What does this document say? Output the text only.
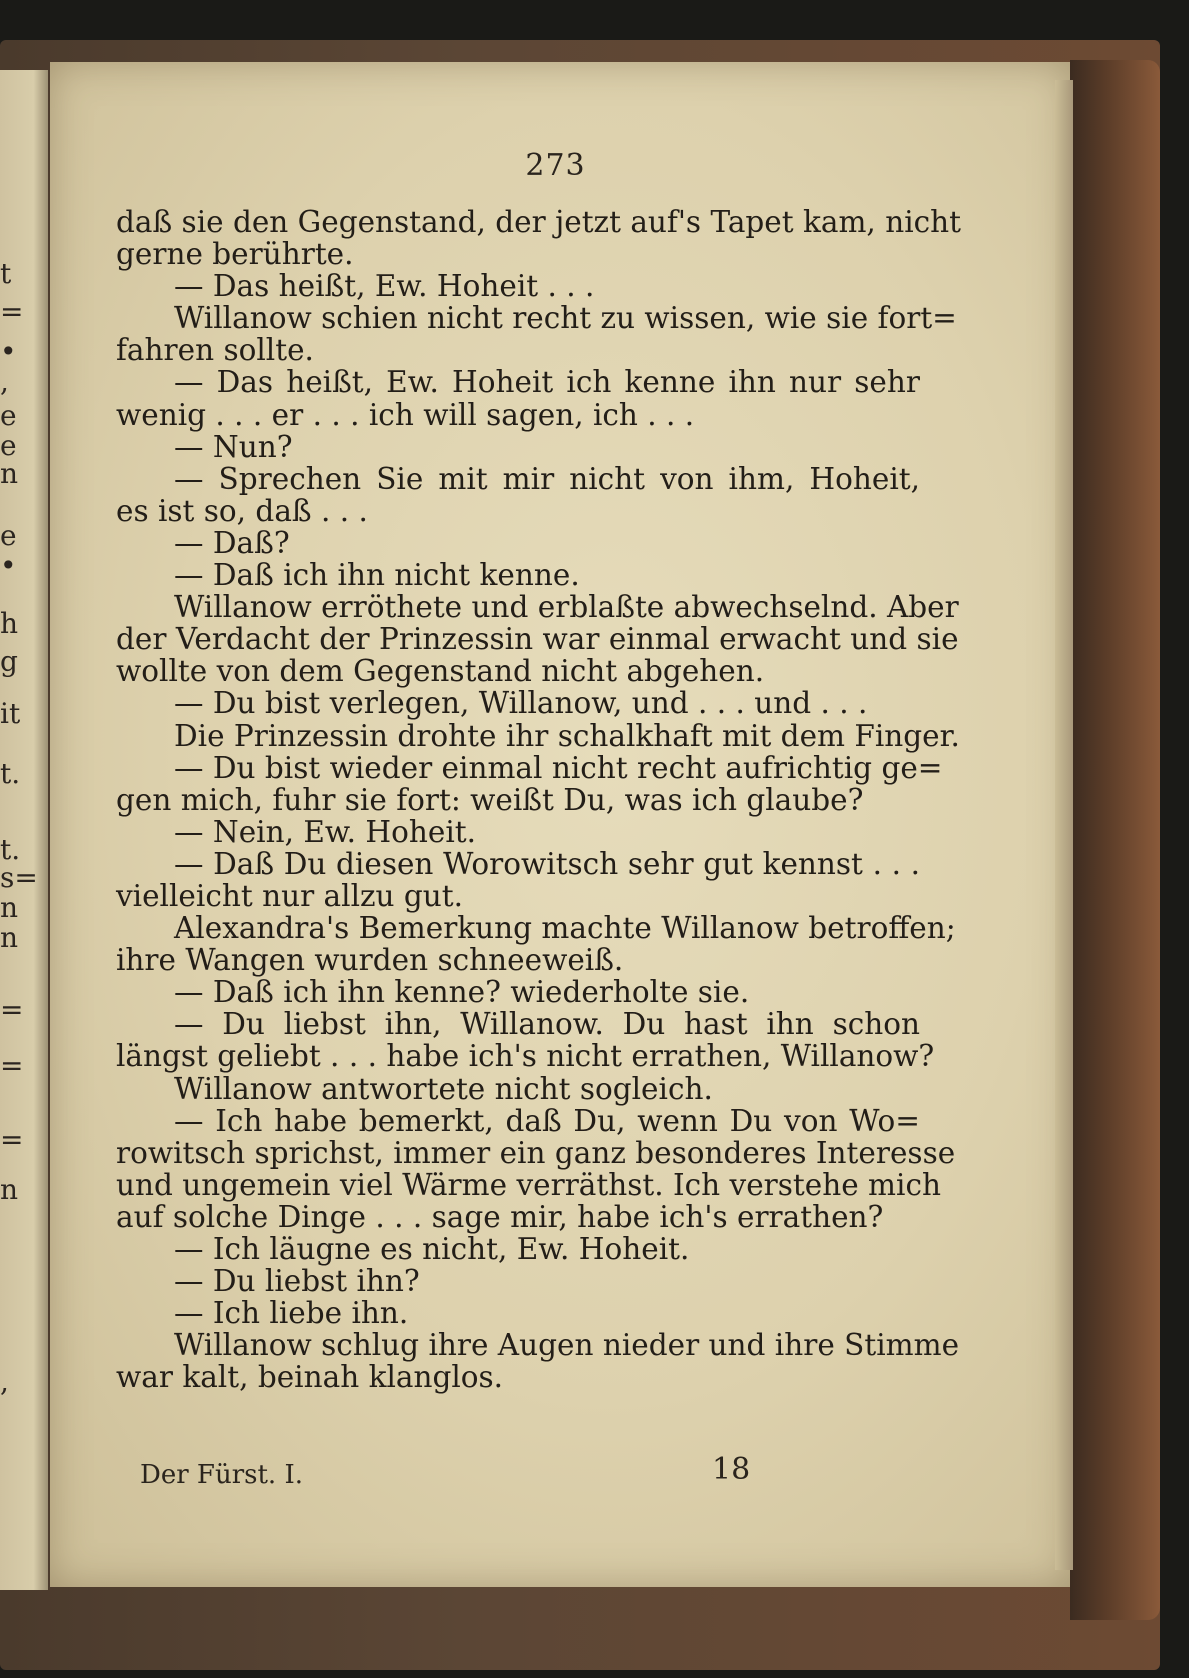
t
=
•
,
e
e
n
e
•
h
g
it
t.
t.
s=
n
n
=
=
=
n
,
273
daß sie den Gegenstand, der jetzt auf's Tapet kam, nicht
gerne berührte.
— Das heißt, Ew. Hoheit . . .
Willanow schien nicht recht zu wissen, wie sie fort=
fahren sollte.
— Das heißt, Ew. Hoheit ich kenne ihn nur sehr
wenig . . . er . . . ich will sagen, ich . . .
— Nun?
— Sprechen Sie mit mir nicht von ihm, Hoheit,
es ist so, daß . . .
— Daß?
— Daß ich ihn nicht kenne.
Willanow erröthete und erblaßte abwechselnd. Aber
der Verdacht der Prinzessin war einmal erwacht und sie
wollte von dem Gegenstand nicht abgehen.
— Du bist verlegen, Willanow, und . . . und . . .
Die Prinzessin drohte ihr schalkhaft mit dem Finger.
— Du bist wieder einmal nicht recht aufrichtig ge=
gen mich, fuhr sie fort: weißt Du, was ich glaube?
— Nein, Ew. Hoheit.
— Daß Du diesen Worowitsch sehr gut kennst . . .
vielleicht nur allzu gut.
Alexandra's Bemerkung machte Willanow betroffen;
ihre Wangen wurden schneeweiß.
— Daß ich ihn kenne? wiederholte sie.
— Du liebst ihn, Willanow. Du hast ihn schon
längst geliebt . . . habe ich's nicht errathen, Willanow?
Willanow antwortete nicht sogleich.
— Ich habe bemerkt, daß Du, wenn Du von Wo=
rowitsch sprichst, immer ein ganz besonderes Interesse
und ungemein viel Wärme verräthst. Ich verstehe mich
auf solche Dinge . . . sage mir, habe ich's errathen?
— Ich läugne es nicht, Ew. Hoheit.
— Du liebst ihn?
— Ich liebe ihn.
Willanow schlug ihre Augen nieder und ihre Stimme
war kalt, beinah klanglos.
Der Fürst. I.	18
